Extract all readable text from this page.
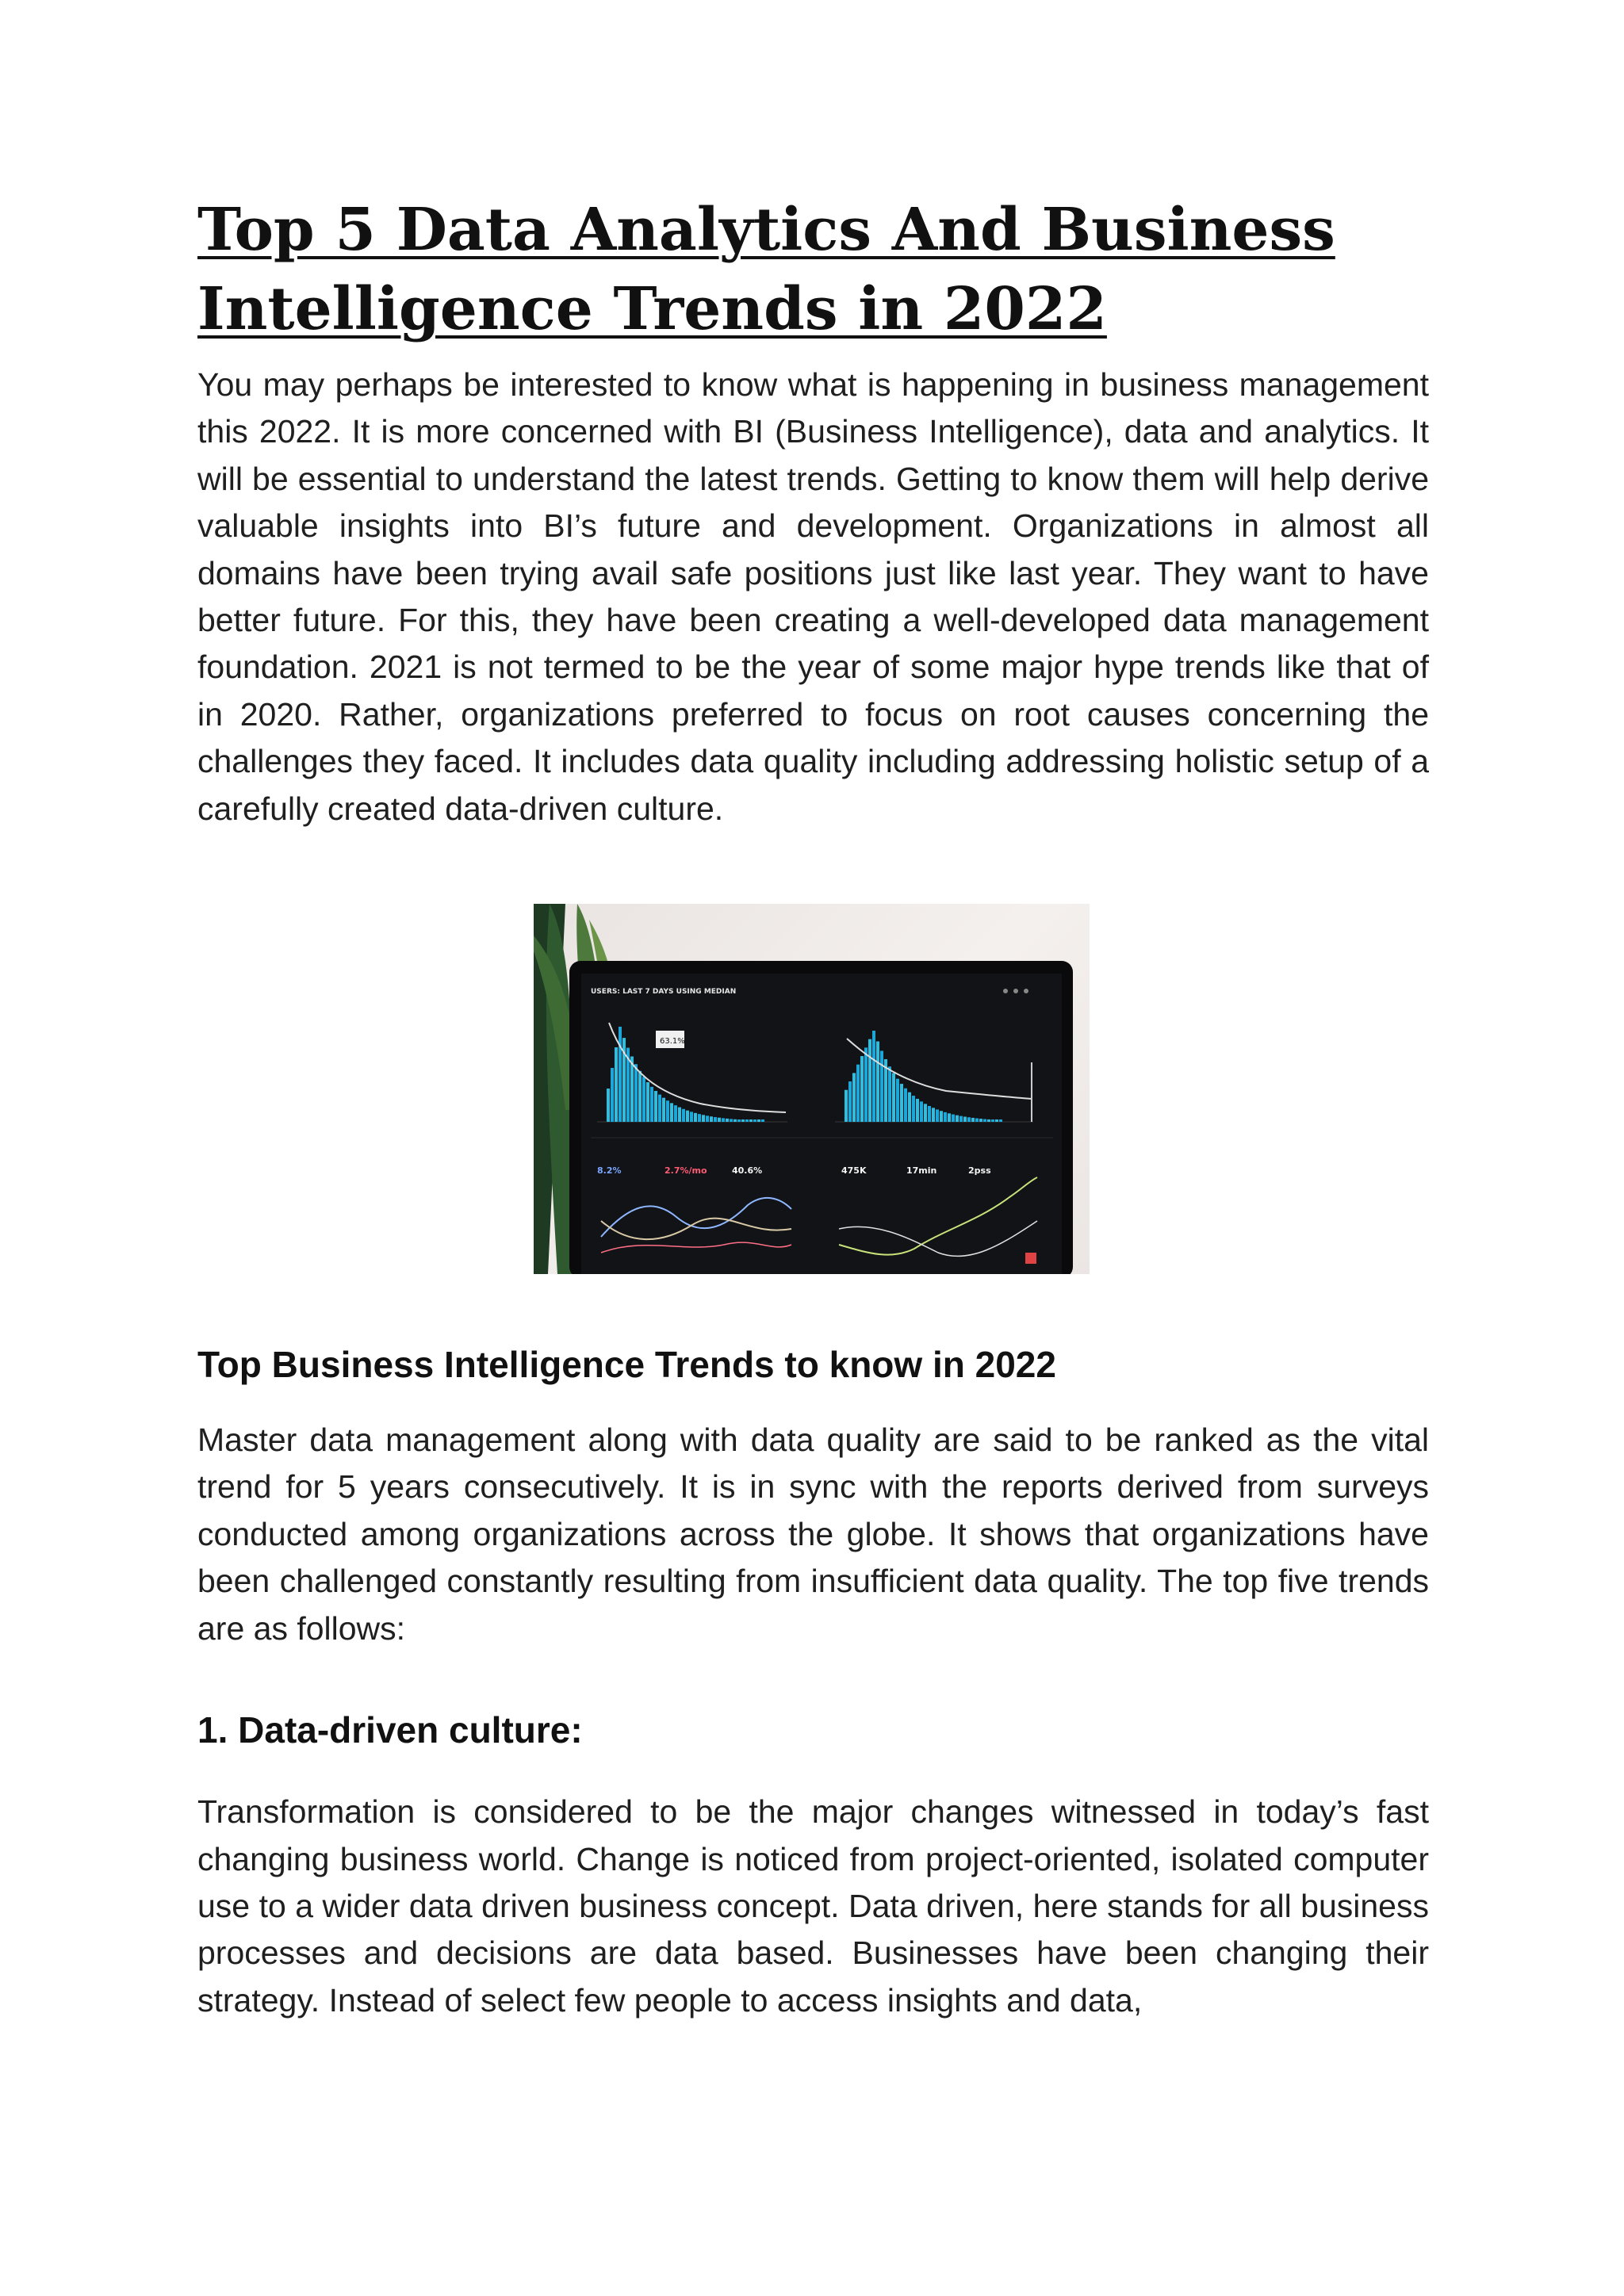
Top 5 Data Analytics And Business Intelligence Trends in 2022

You may perhaps be interested to know what is happening in business management this 2022. It is more concerned with BI (Business Intelligence), data and analytics. It will be essential to understand the latest trends. Getting to know them will help derive valuable insights into BI’s future and development. Organizations in almost all domains have been trying avail safe positions just like last year. They want to have better future. For this, they have been creating a well-developed data management foundation. 2021 is not termed to be the year of some major hype trends like that of in 2020. Rather, organizations preferred to focus on root causes concerning the challenges they faced. It includes data quality including addressing holistic setup of a carefully created data-driven culture.

USERS: LAST 7 DAYS USING MEDIAN
63.1%
8.2%	2.7%/mo	40.6%	475K	17min	2pss
Top Business Intelligence Trends to know in 2022

Master data management along with data quality are said to be ranked as the vital trend for 5 years consecutively. It is in sync with the reports derived from surveys conducted among organizations across the globe. It shows that organizations have been challenged constantly resulting from insufficient data quality. The top five trends are as follows:

1. Data-driven culture:

Transformation is considered to be the major changes witnessed in today’s fast changing business world. Change is noticed from project-oriented, isolated computer use to a wider data driven business concept. Data driven, here stands for all business processes and decisions are data based. Businesses have been changing their strategy. Instead of select few people to access insights and data,
